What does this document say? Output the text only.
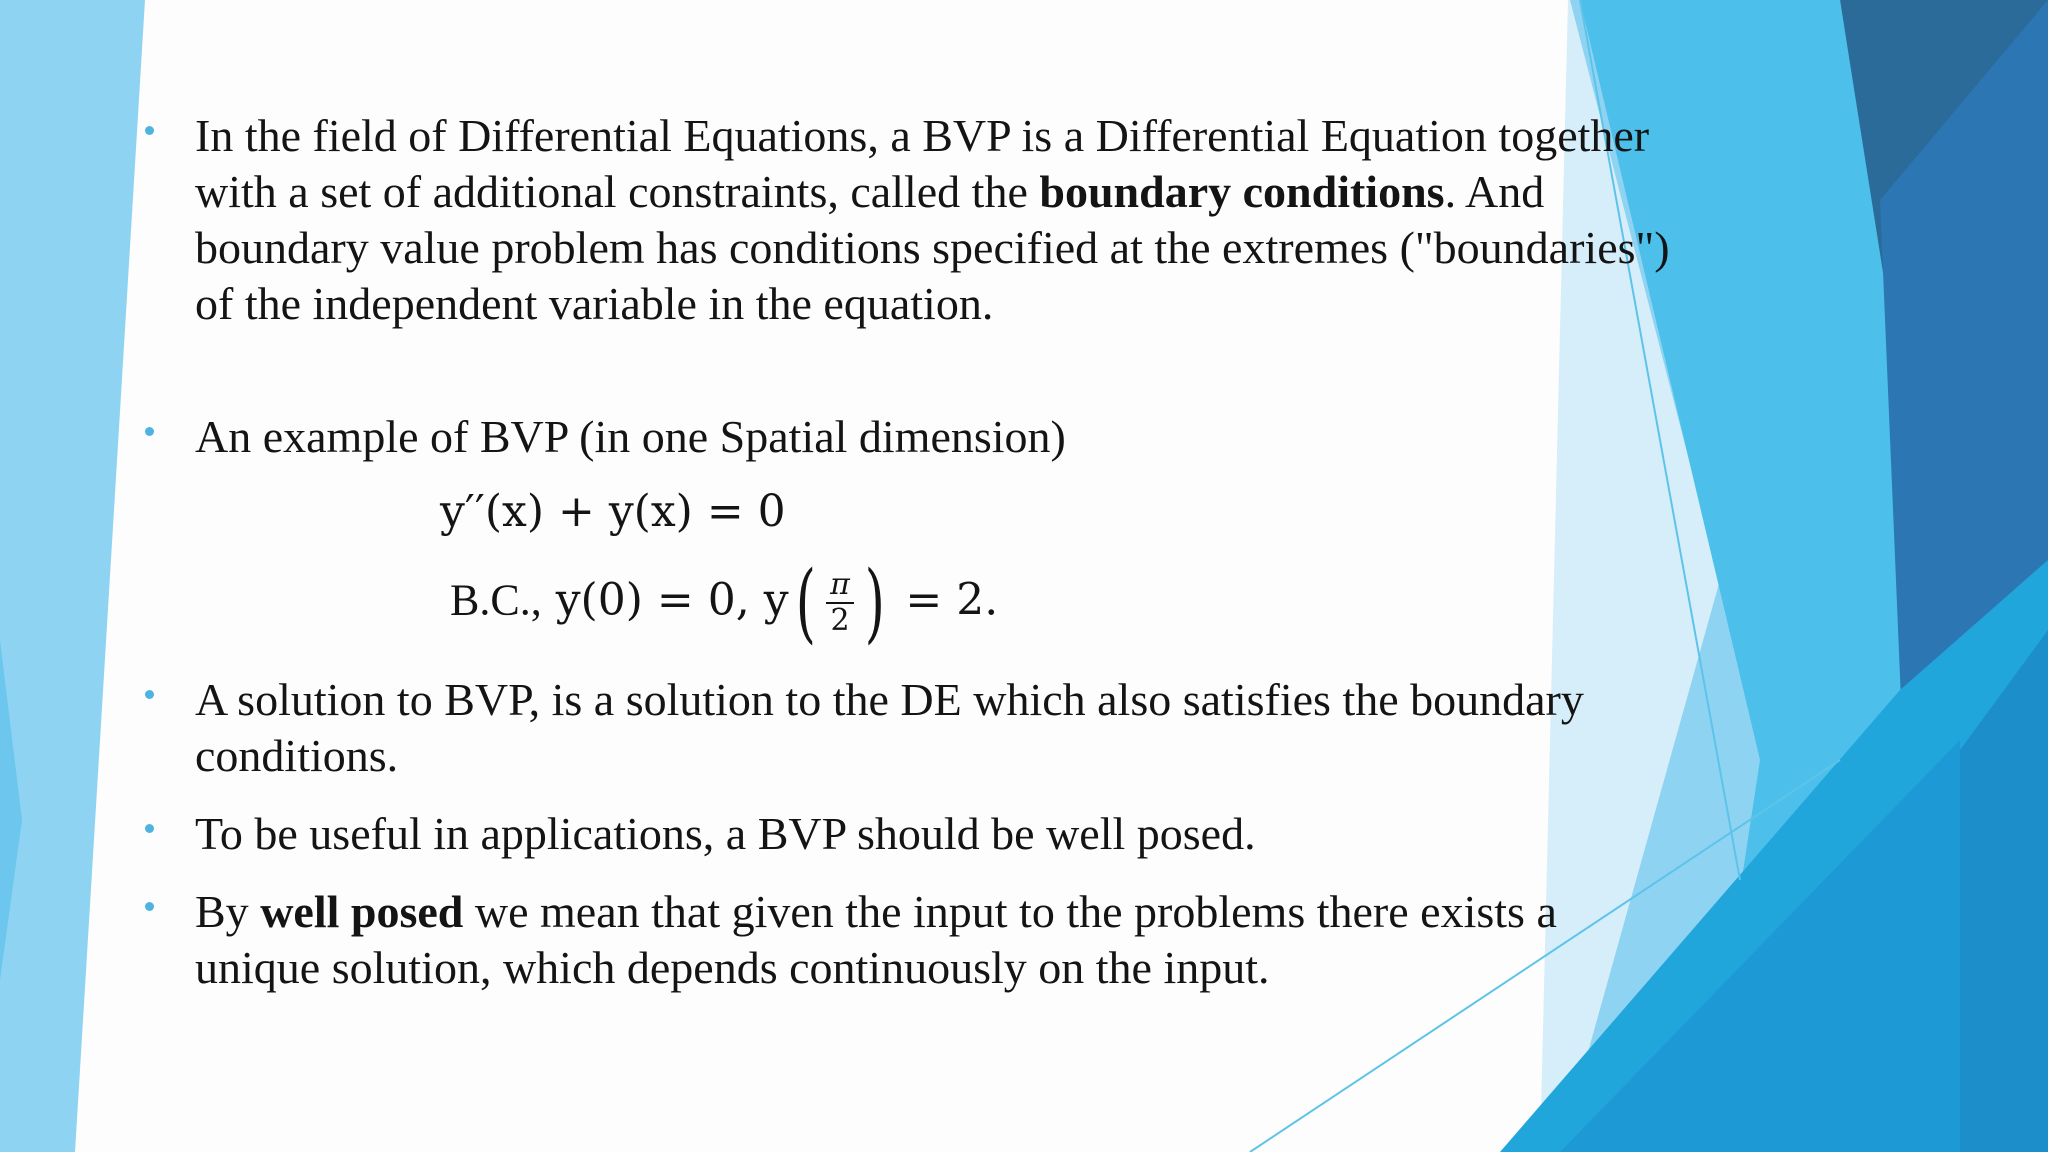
In the field of Differential Equations, a BVP is a Differential Equation together with a set of additional constraints, called the boundary conditions. And boundary value problem has conditions specified at the extremes ("boundaries") of the independent variable in the equation.
An example of BVP (in one Spatial dimension)
y′′(x) + y(x) = 0
B.C., y(0) = 0, $y( \frac{\pi}{2}$ ) = 2.
A solution to BVP, is a solution to the DE which also satisfies the boundary conditions.
To be useful in applications, a BVP should be well posed.
By well posed we mean that given the input to the problems there exists a unique solution, which depends continuously on the input.
